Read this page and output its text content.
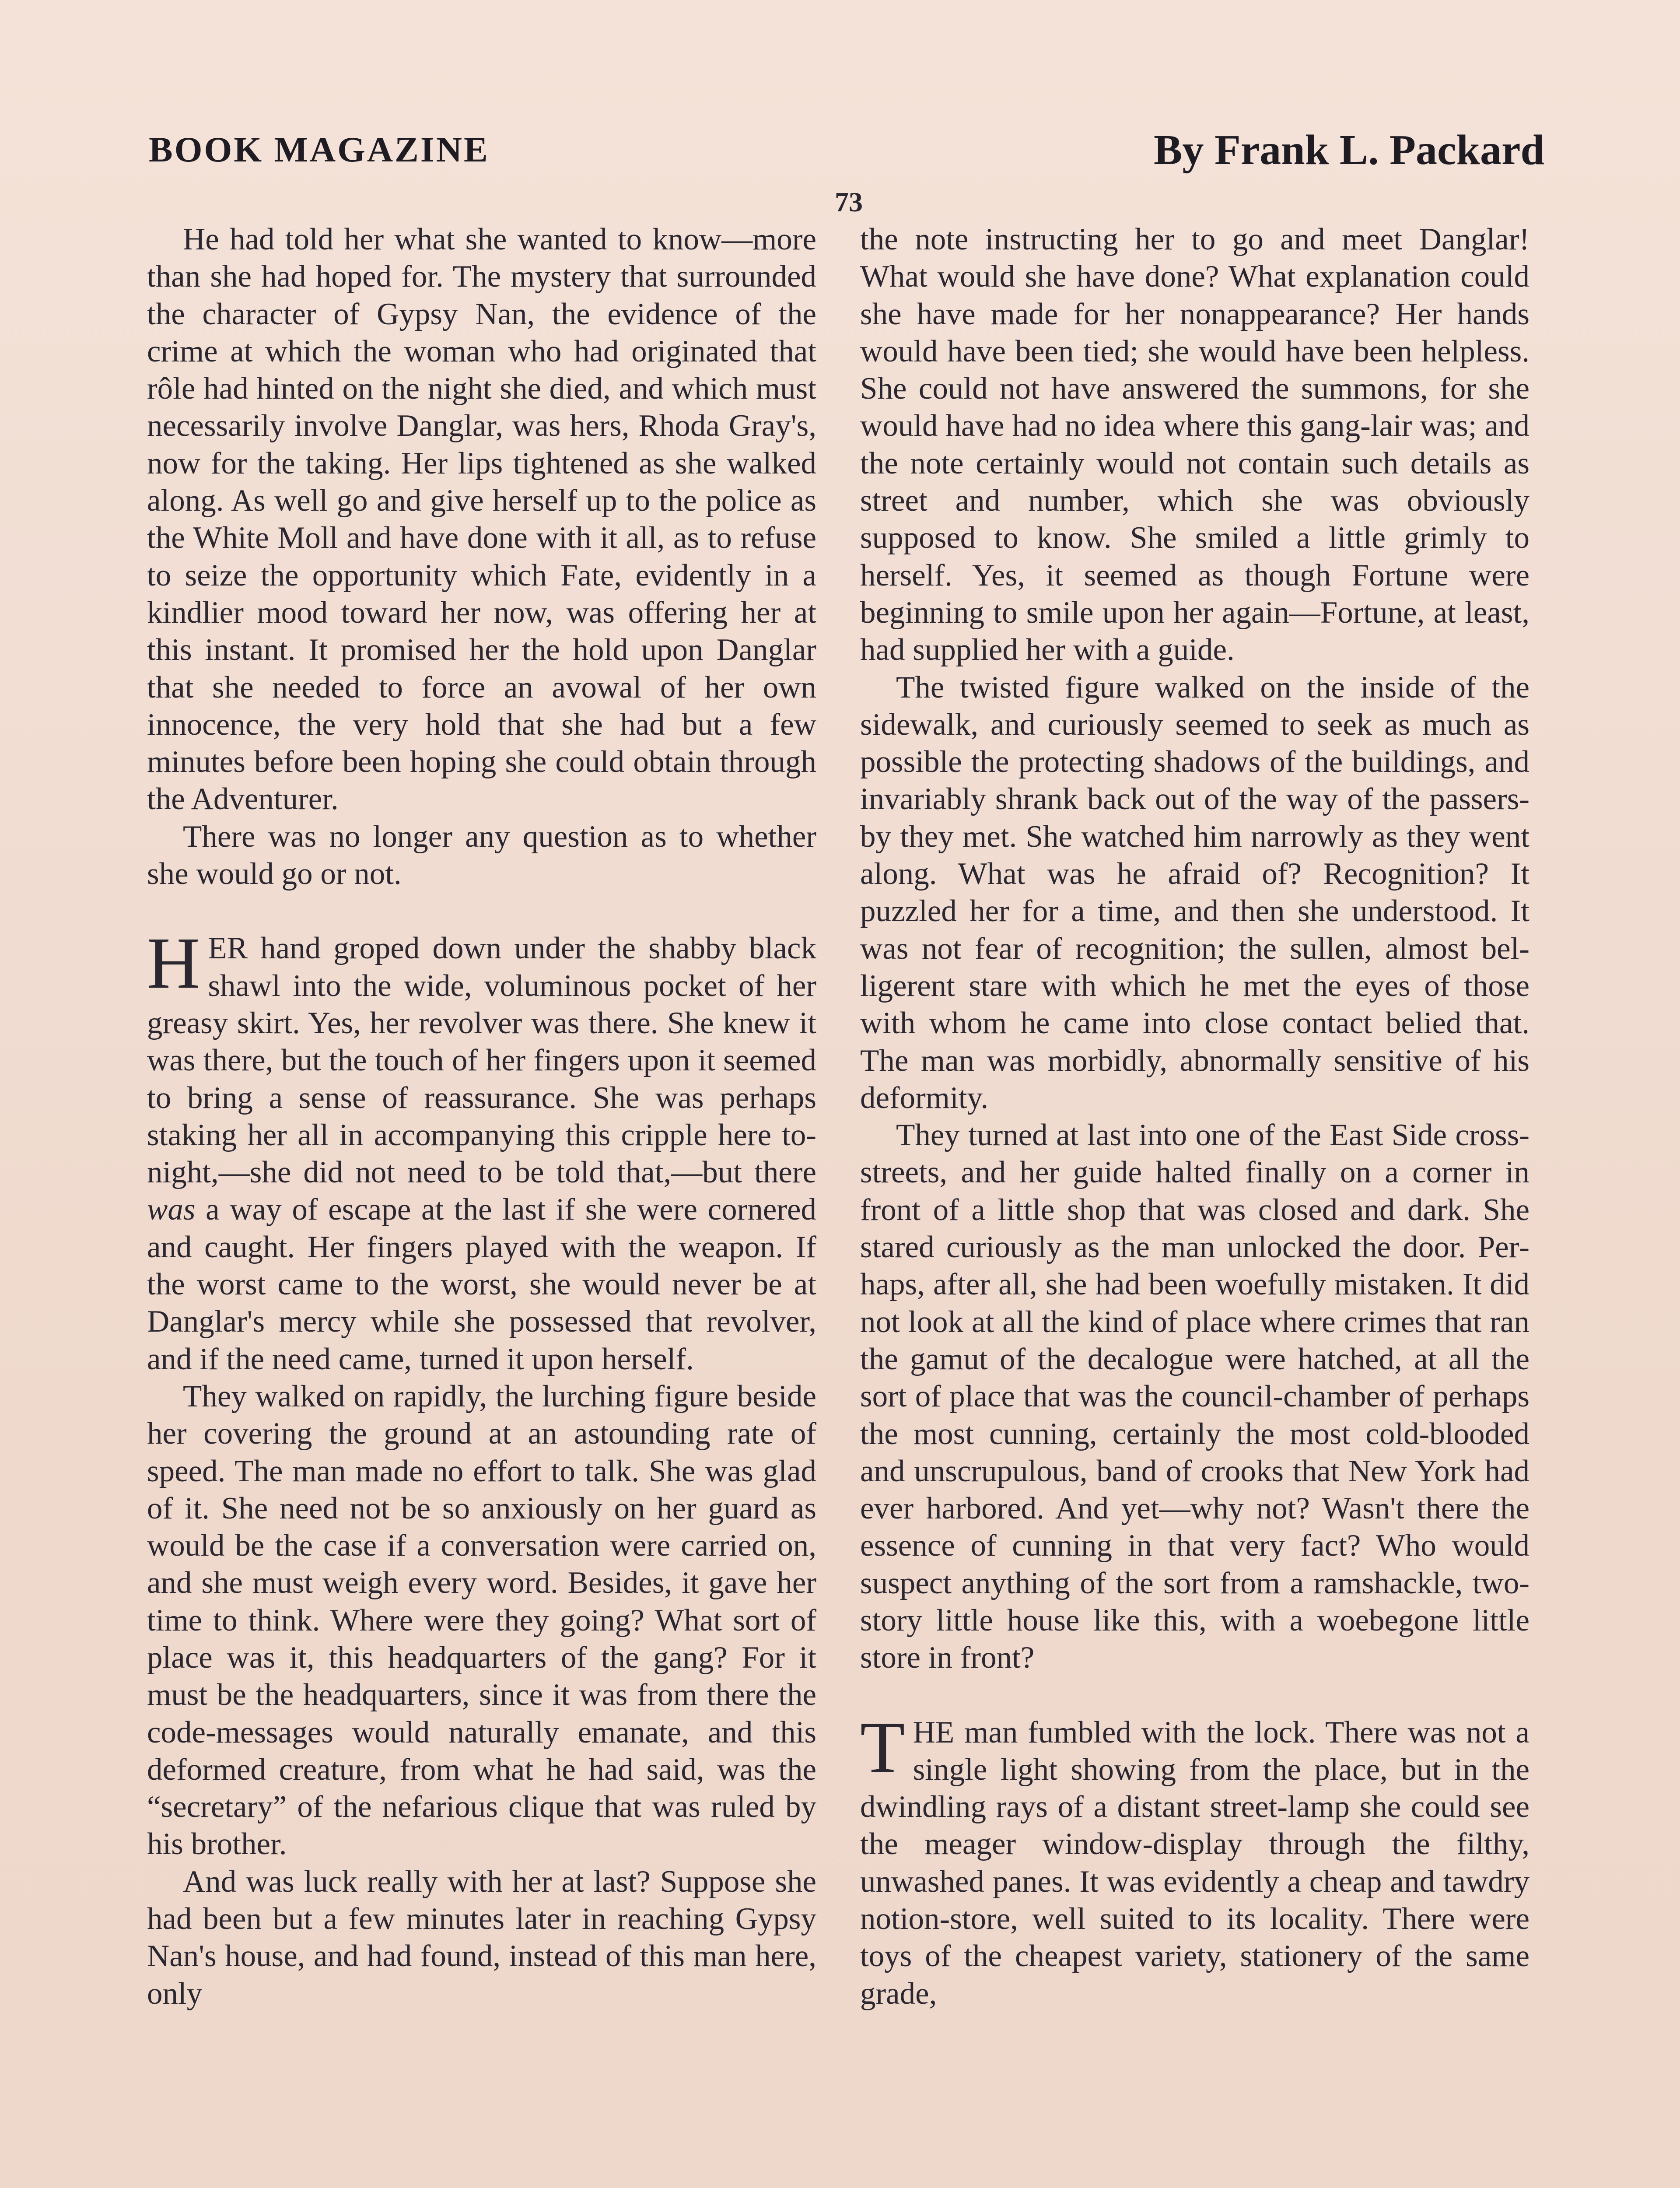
BOOK MAGAZINE	By Frank L. Packard
73

He had told her what she wanted to know—more than she had hoped for. The mystery that surrounded the character of Gypsy Nan, the evidence of the crime at which the woman who had originated that rôle had hinted on the night she died, and which must necessarily involve Danglar, was hers, Rhoda Gray's, now for the taking. Her lips tightened as she walked along. As well go and give herself up to the police as the White Moll and have done with it all, as to refuse to seize the opportunity which Fate, evidently in a kindlier mood toward her now, was offering her at this instant. It promised her the hold upon Danglar that she needed to force an avowal of her own innocence, the very hold that she had but a few minutes before been hoping she could obtain through the Adventurer.

There was no longer any question as to whether she would go or not.

HER hand groped down under the shabby black shawl into the wide, voluminous pocket of her greasy skirt. Yes, her revolver was there. She knew it was there, but the touch of her fingers upon it seemed to bring a sense of reassurance. She was perhaps staking her all in accompanying this cripple here to-night,—she did not need to be told that,—but there was a way of escape at the last if she were cornered and caught. Her fingers played with the weapon. If the worst came to the worst, she would never be at Danglar's mercy while she possessed that revolver, and if the need came, turned it upon herself.

They walked on rapidly, the lurching figure beside her covering the ground at an astounding rate of speed. The man made no effort to talk. She was glad of it. She need not be so anxiously on her guard as would be the case if a conversation were carried on, and she must weigh every word. Besides, it gave her time to think. Where were they going? What sort of place was it, this headquarters of the gang? For it must be the headquarters, since it was from there the code-messages would naturally emanate, and this deformed creature, from what he had said, was the “secretary” of the nefarious clique that was ruled by his brother.

And was luck really with her at last? Suppose she had been but a few minutes later in reaching Gypsy Nan's house, and had found, instead of this man here, only

the note instructing her to go and meet Danglar! What would she have done? What explanation could she have made for her nonappearance? Her hands would have been tied; she would have been helpless. She could not have answered the summons, for she would have had no idea where this gang-lair was; and the note certainly would not contain such details as street and number, which she was obviously supposed to know. She smiled a little grimly to herself. Yes, it seemed as though Fortune were beginning to smile upon her again—Fortune, at least, had supplied her with a guide.

The twisted figure walked on the inside of the sidewalk, and curiously seemed to seek as much as possible the protecting shadows of the buildings, and invariably shrank back out of the way of the passers-by they met. She watched him narrowly as they went along. What was he afraid of? Recognition? It puzzled her for a time, and then she understood. It was not fear of recognition; the sullen, almost belligerent stare with which he met the eyes of those with whom he came into close contact belied that. The man was morbidly, abnormally sensitive of his deformity.

They turned at last into one of the East Side cross-streets, and her guide halted finally on a corner in front of a little shop that was closed and dark. She stared curiously as the man unlocked the door. Perhaps, after all, she had been woefully mistaken. It did not look at all the kind of place where crimes that ran the gamut of the decalogue were hatched, at all the sort of place that was the council-chamber of perhaps the most cunning, certainly the most cold-blooded and unscrupulous, band of crooks that New York had ever harbored. And yet—why not? Wasn't there the essence of cunning in that very fact? Who would suspect anything of the sort from a ramshackle, two-story little house like this, with a woebegone little store in front?

THE man fumbled with the lock. There was not a single light showing from the place, but in the dwindling rays of a distant street-lamp she could see the meager window-display through the filthy, unwashed panes. It was evidently a cheap and tawdry notion-store, well suited to its locality. There were toys of the cheapest variety, stationery of the same grade,
